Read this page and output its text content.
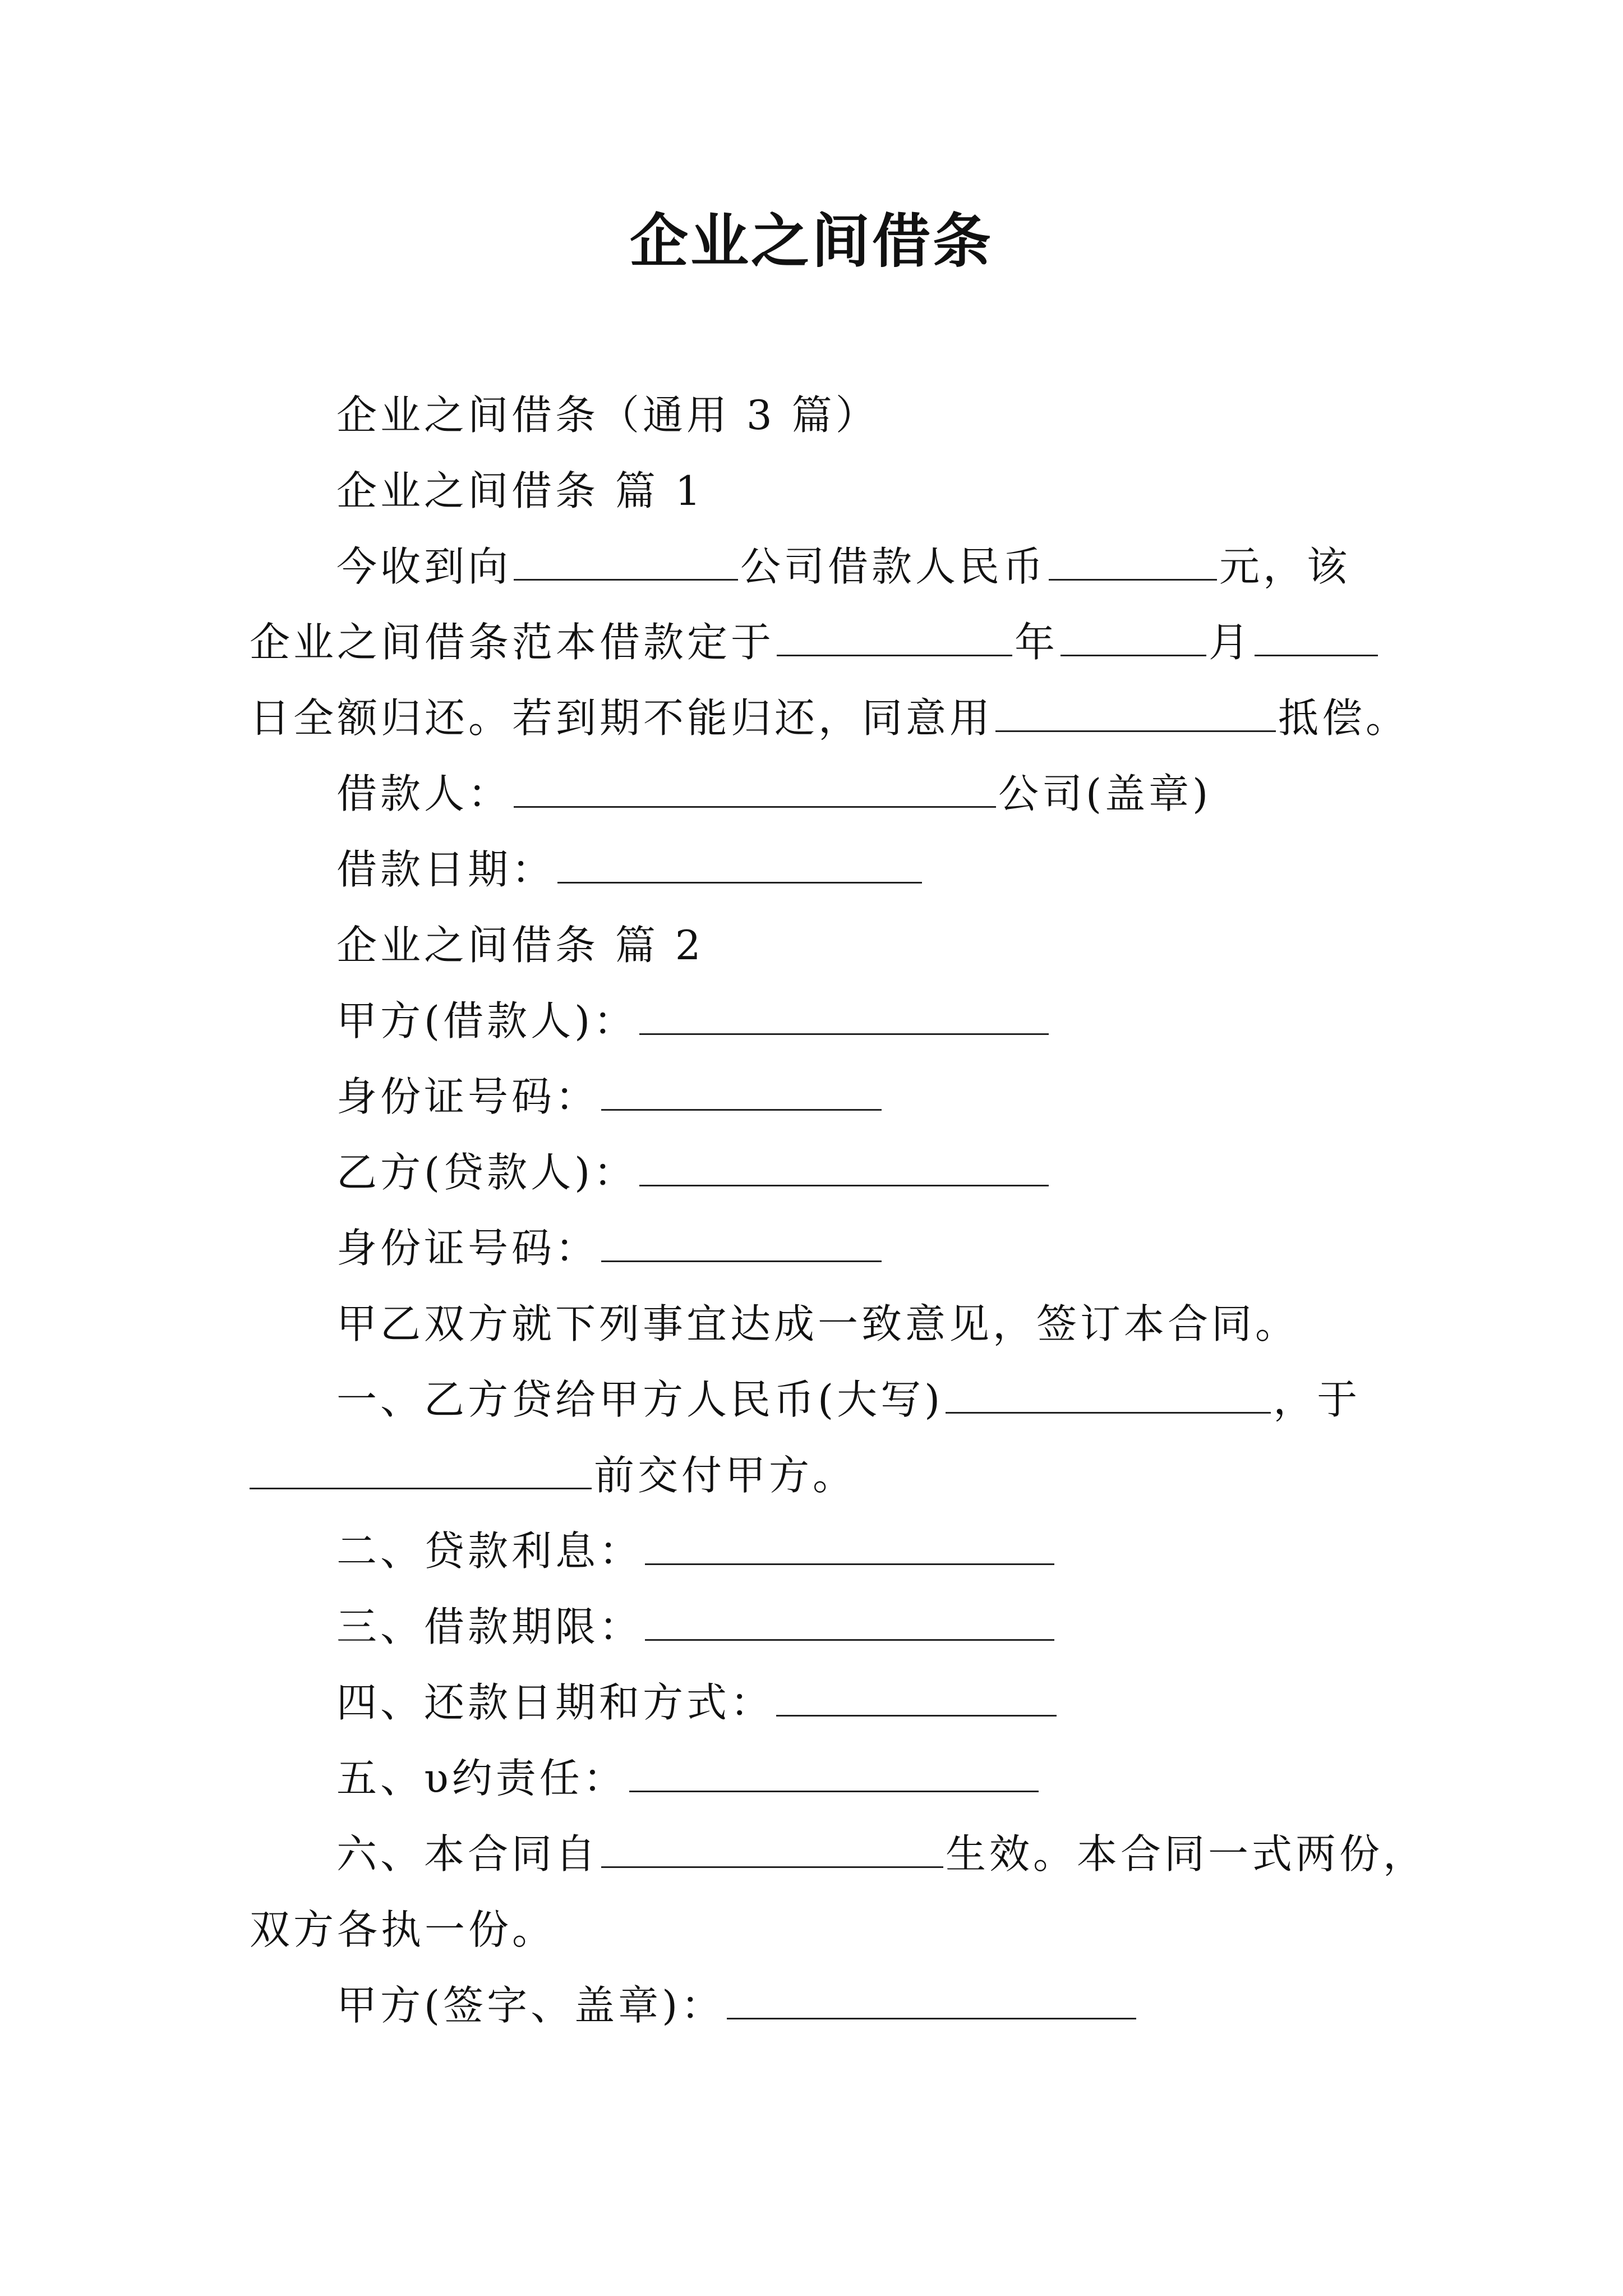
企业之间借条
企业之间借条（通用 3 篇）
企业之间借条 篇 1
今收到向	公司借款人民币	元，该
企业之间借条范本借款定于	年	月
日全额归还。若到期不能归还，同意用	抵偿。
借款人：	公司(盖章)
借款日期：
企业之间借条 篇 2
甲方(借款人)：
身份证号码：
乙方(贷款人)：
身份证号码：
甲乙双方就下列事宜达成一致意见，签订本合同。
一、乙方贷给甲方人民币(大写)	，于
前交付甲方。
二、贷款利息：
三、借款期限：
四、还款日期和方式：
五、υ约责任：
六、本合同自	生效。本合同一式两份，
双方各执一份。
甲方(签字、盖章)：
